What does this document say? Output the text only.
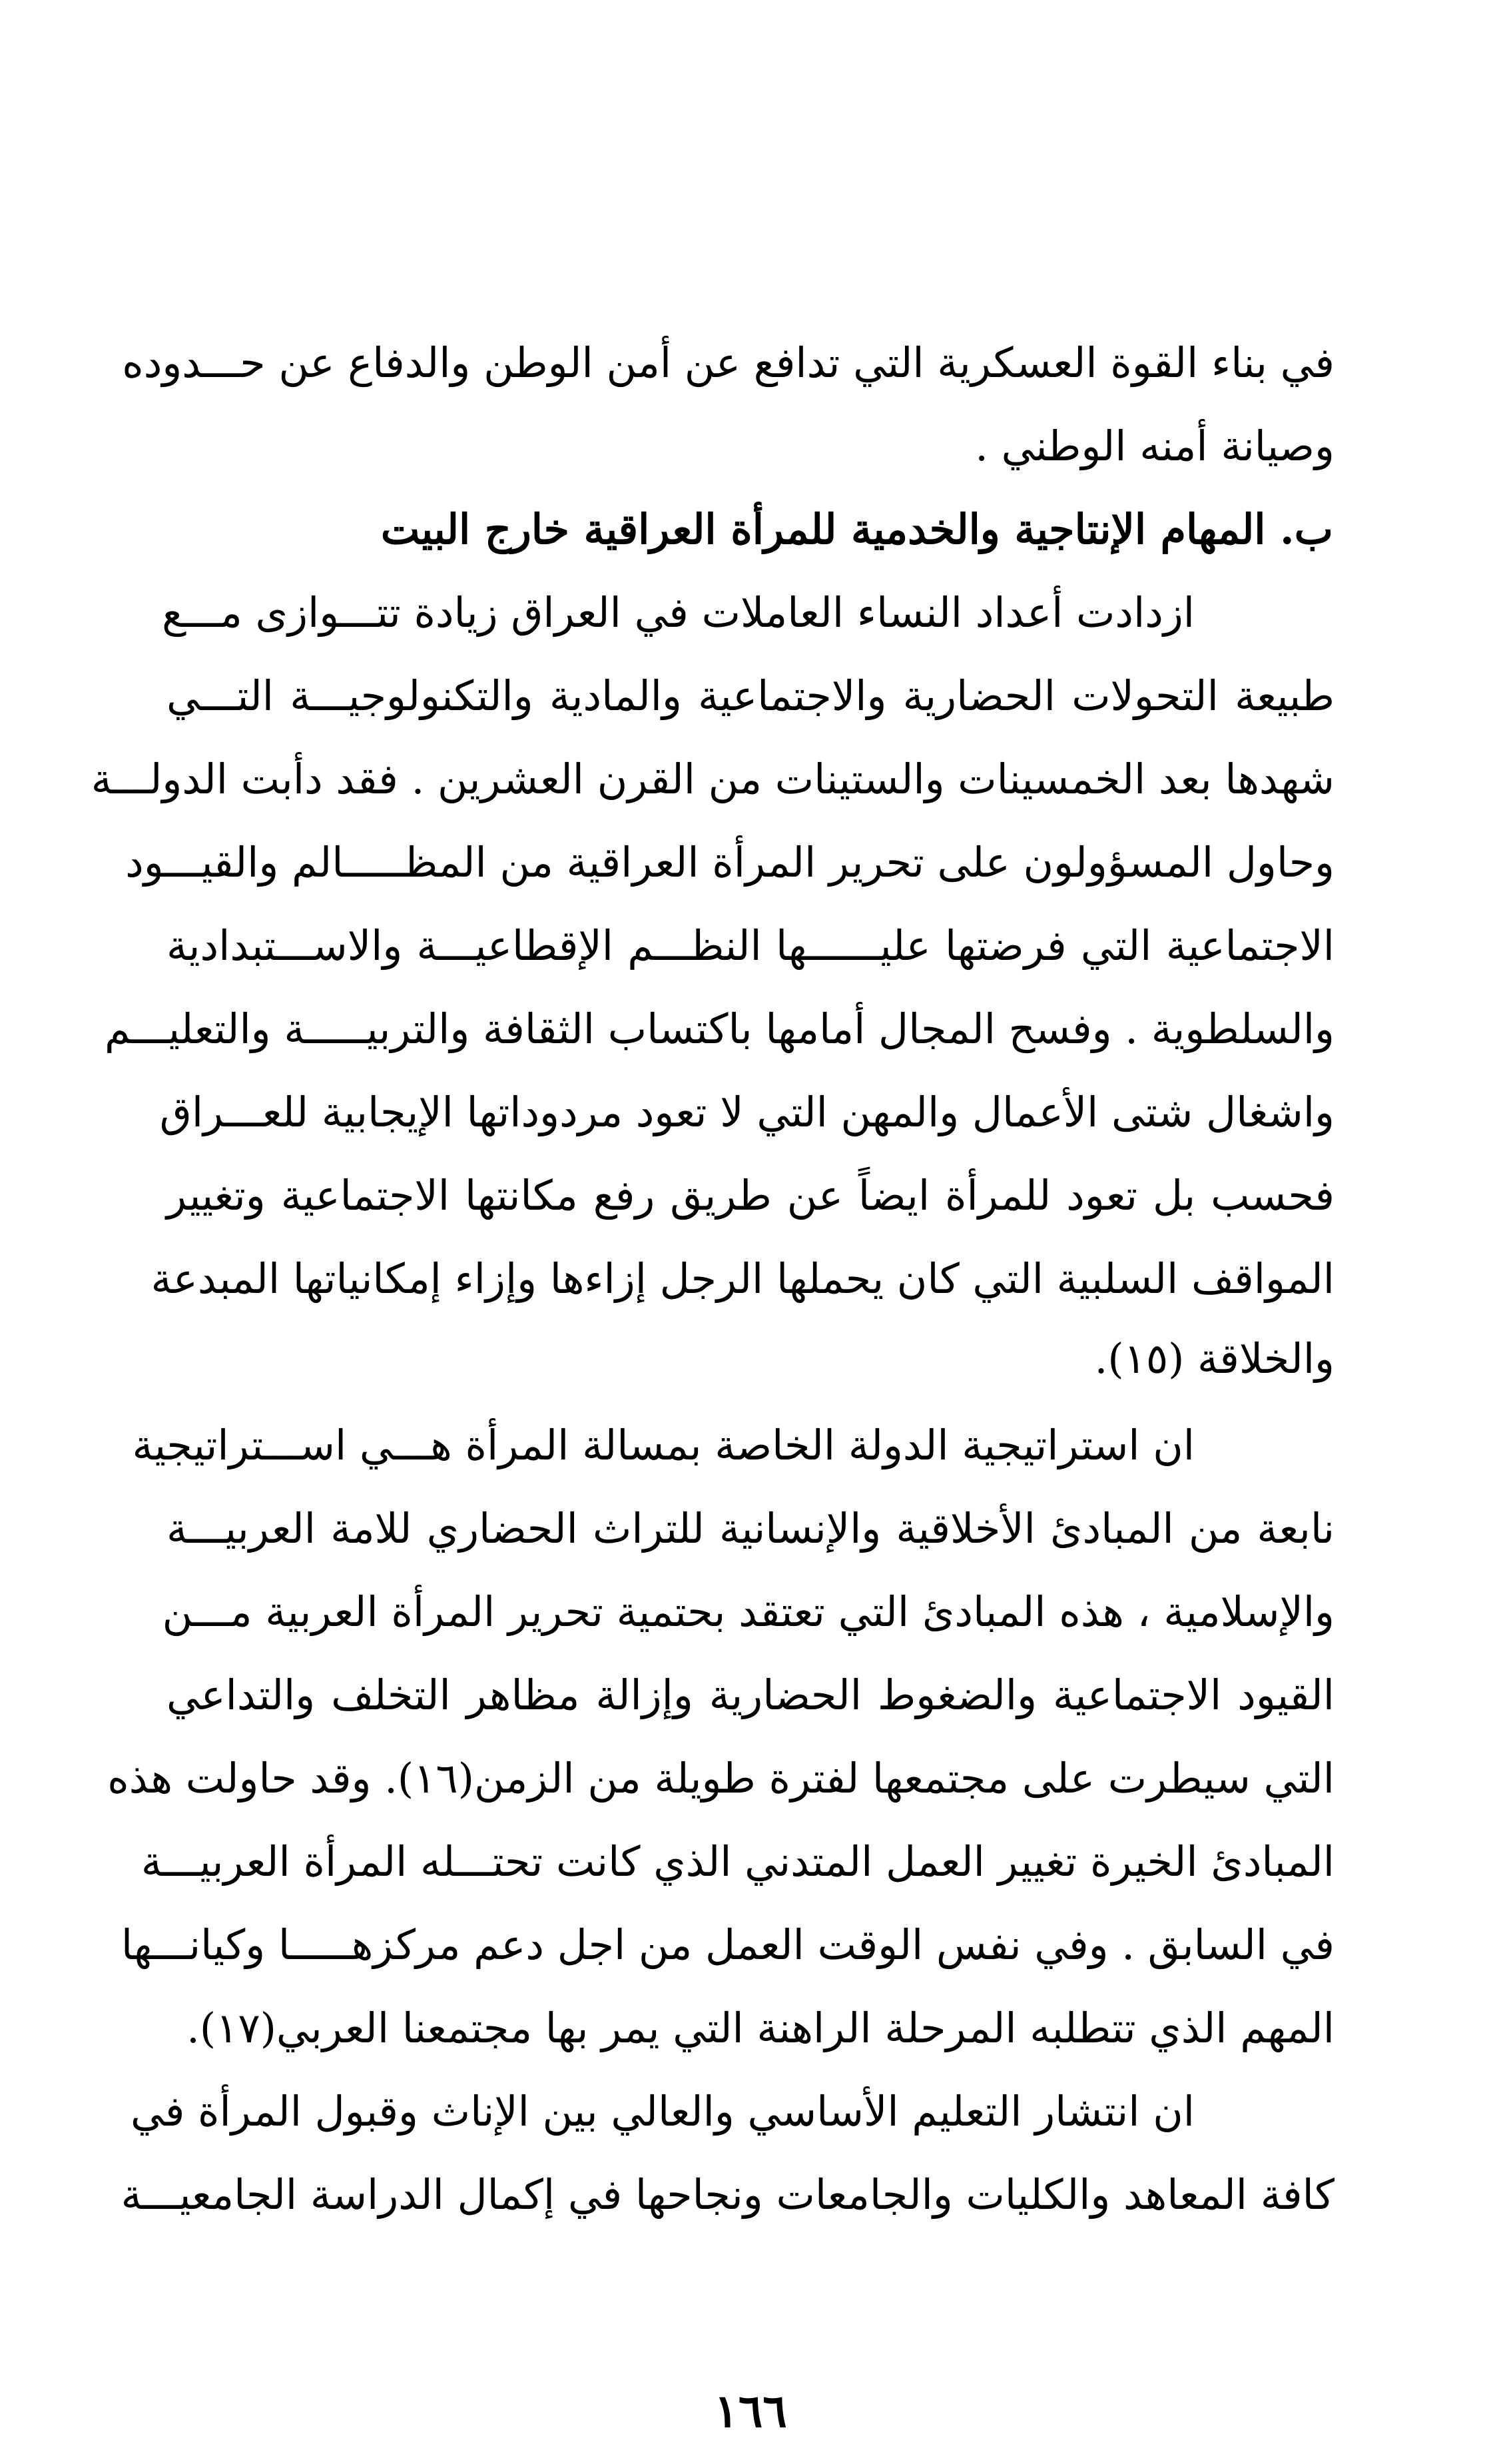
في بناء القوة العسكرية التي تدافع عن أمن الوطن والدفاع عن حـــدوده
وصيانة أمنه الوطني .
ب. المهام الإنتاجية والخدمية للمرأة العراقية خارج البيت
ازدادت أعداد النساء العاملات في العراق زيادة تتـــوازى مـــع
طبيعة التحولات الحضارية والاجتماعية والمادية والتكنولوجيـــة التـــي
شهدها بعد الخمسينات والستينات من القرن العشرين . فقد دأبت الدولـــة
وحاول المسؤولون على تحرير المرأة العراقية من المظـــــالم والقيـــود
الاجتماعية التي فرضتها عليــــــها النظـــم الإقطاعيـــة والاســـتبدادية
والسلطوية . وفسح المجال أمامها باكتساب الثقافة والتربيـــــة والتعليـــم
واشغال شتى الأعمال والمهن التي لا تعود مردوداتها الإيجابية للعـــراق
فحسب بل تعود للمرأة ايضاً عن طريق رفع مكانتها الاجتماعية وتغيير
المواقف السلبية التي كان يحملها الرجل إزاءها وإزاء إمكانياتها المبدعة
والخلاقة (١٥).
ان استراتيجية الدولة الخاصة بمسالة المرأة هـــي اســـتراتيجية
نابعة من المبادئ الأخلاقية والإنسانية للتراث الحضاري للامة العربيـــة
والإسلامية ، هذه المبادئ التي تعتقد بحتمية تحرير المرأة العربية مـــن
القيود الاجتماعية والضغوط الحضارية وإزالة مظاهر التخلف والتداعي
التي سيطرت على مجتمعها لفترة طويلة من الزمن(١٦). وقد حاولت هذه
المبادئ الخيرة تغيير العمل المتدني الذي كانت تحتـــله المرأة العربيـــة
في السابق . وفي نفس الوقت العمل من اجل دعم مركزهـــــا وكيانـــها
المهم الذي تتطلبه المرحلة الراهنة التي يمر بها مجتمعنا العربي(١٧).
ان انتشار التعليم الأساسي والعالي بين الإناث وقبول المرأة في
كافة المعاهد والكليات والجامعات ونجاحها في إكمال الدراسة الجامعيـــة
١٦٦
